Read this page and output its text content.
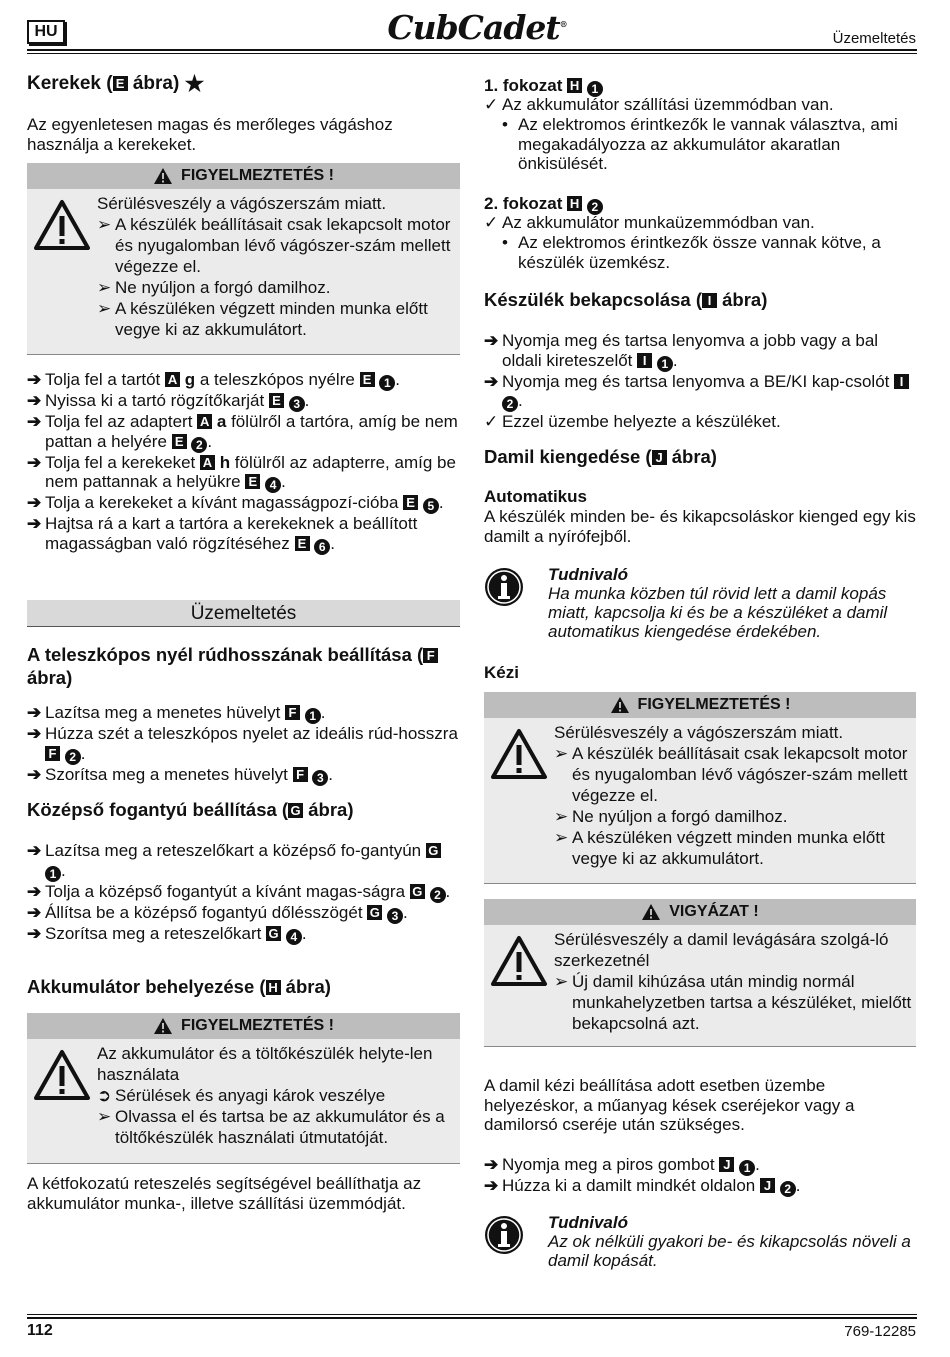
HU	CubCadet®
Üzemeltetés
Kerekek ( E ábra) ★

Az egyenletesen magas és merőleges vágáshoz használja a kerekeket.

FIGYELMEZTETÉS !

Sérülésveszély a vágószerszám miatt.

➢ A készülék beállításait csak lekapcsolt motor és nyugalomban lévő vágószer-szám mellett végezze el.
➢ Ne nyúljon a forgó damilhoz.
➢ A készüléken végzett minden munka előtt vegye ki az akkumulátort.
➔ Tolja fel a tartót A g a teleszkópos nyélre E 1 .
➔ Nyissa ki a tartó rögzítőkarját E 3 .
➔ Tolja fel az adaptert A a fölülről a tartóra, amíg be nem pattan a helyére E 2 .
➔ Tolja fel a kerekeket A h fölülről az adapterre, amíg be nem pattannak a helyükre E 4 .
➔ Tolja a kerekeket a kívánt magasságpozí-cióba E 5 .
➔ Hajtsa rá a kart a tartóra a kerekeknek a beállított magasságban való rögzítéséhez E 6 .
Üzemeltetés
A teleszkópos nyél rúdhosszának beállítása ( F ábra)
➔ Lazítsa meg a menetes hüvelyt F 1 .
➔ Húzza szét a teleszkópos nyelet az ideális rúd-hosszra F 2 .
➔ Szorítsa meg a menetes hüvelyt F 3 .
Középső fogantyú beállítása ( G ábra)
➔ Lazítsa meg a reteszelőkart a középső fo-gantyún G 1 .
➔ Tolja a középső fogantyút a kívánt magas-ságra G 2 .
➔ Állítsa be a középső fogantyú dőlésszögét G 3 .
➔ Szorítsa meg a reteszelőkart G 4 .
Akkumulátor behelyezése ( H ábra)
FIGYELMEZTETÉS !

Az akkumulátor és a töltőkészülék helyte-len használata

➲ Sérülések és anyagi károk veszélye
➢ Olvassa el és tartsa be az akkumulátor és a töltőkészülék használati útmutatóját.

A kétfokozatú reteszelés segítségével beállíthatja az akkumulátor munka-, illetve szállítási üzemmódját.

1. fokozat H 1
✓ Az akkumulátor szállítási üzemmódban van.
• Az elektromos érintkezők le vannak választva, ami megakadályozza az akkumulátor akaratlan önkisülését.
2. fokozat H 2
✓ Az akkumulátor munkaüzemmódban van.
• Az elektromos érintkezők össze vannak kötve, a készülék üzemkész.
Készülék bekapcsolása ( I ábra)
➔ Nyomja meg és tartsa lenyomva a jobb vagy a bal oldali kireteszelőt I 1 .
➔ Nyomja meg és tartsa lenyomva a BE/KI kap-csolót I 2 .
✓ Ezzel üzembe helyezte a készüléket.
Damil kiengedése ( J ábra)
Automatikus

A készülék minden be- és kikapcsoláskor kienged egy kis damilt a nyírófejből.

Tudnivaló
Ha munka közben túl rövid lett a damil kopás miatt, kapcsolja ki és be a készüléket a damil automatikus kiengedése érdekében.
Kézi
FIGYELMEZTETÉS !

Sérülésveszély a vágószerszám miatt.

➢ A készülék beállításait csak lekapcsolt motor és nyugalomban lévő vágószer-szám mellett végezze el.
➢ Ne nyúljon a forgó damilhoz.
➢ A készüléken végzett minden munka előtt vegye ki az akkumulátort.
VIGYÁZAT !

Sérülésveszély a damil levágására szolgá-ló szerkezetnél

➢ Új damil kihúzása után mindig normál munkahelyzetben tartsa a készüléket, mielőtt bekapcsolná azt.

A damil kézi beállítása adott esetben üzembe helyezéskor, a műanyag kések cseréjekor vagy a damilorsó cseréje után szükséges.

➔ Nyomja meg a piros gombot J 1 .
➔ Húzza ki a damilt mindkét oldalon J 2 .
Tudnivaló
Az ok nélküli gyakori be- és kikapcsolás növeli a damil kopását.
112	769-12285
